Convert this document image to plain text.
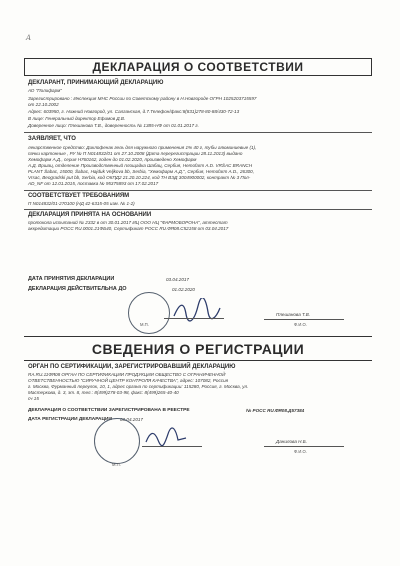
A
ДЕКЛАРАЦИЯ О СООТВЕТСТВИИ
ДЕКЛАРАНТ, ПРИНИМАЮЩИЙ ДЕКЛАРАЦИЮ
АО "Полифарм"
Зарегистрировано : Инспекция МНС России по Советскому району в Н.Новгороде ОГРН 1025203715597
от 22.10.2002
Адрес: 603950, г. Нижний Новгород, ул. Салганская, д.7.Телефон/факс:8(831)278-80-88/430-72-13
В лице: Генеральный директор Ефимов Д.В.
Доверенное лицо: Плешанова Т.В., доверенность № 1385-НФ от 01.01.2017 г.
ЗАЯВЛЯЕТ, ЧТО
лекарственное средство: Диклофенак гель для наружного применения 1% 40 г, тубы алюминиевые (1),
пачки картонные , РУ № П N014832/01 от 27.10.2008 (Дата перерегистрации 28.11.2013) выдано
Хемофарм А.Д., серия H760162, годен до 01.02.2020, произведено Хемофарм
А.Д. Вршац, отделение Производственный площадка Шабац, Сербия, Hemofarm A.D. VRŠAC BRANCH
PLANT Šabac, 15000, Šabac, Hajduk Veljkova bb, Serbia, "Хемофарм А.Д.", Сербия, Hemofarm A.D., 26300,
Vrsac, Beogradski put bb, Serbia, код ОКПД2 21.20.10.224, код ТН ВЭД 3004900002, контракт № 3 Пол-
AD_NF от 12.01.2015, поставка № 95375893 от 17.02.2017
СООТВЕТСТВУЕТ ТРЕБОВАНИЯМ
П N014832/01-270100 (НД 42-6315-05 изм. № 1-2)
ДЕКЛАРАЦИЯ ПРИНЯТА НА ОСНОВАНИИ
протокола испытаний № 2332 в от 30.01.2017 ИЦ ООО НЦ "ФАРМОБОРОНА", аттестат
аккредитации РОСС RU.0001.21ФБ40, Сертификат РОСС RU.ФЯ08.С52158 от 03.04.2017
ДАТА ПРИНЯТИЯ ДЕКЛАРАЦИИ	03.04.2017
ДЕКЛАРАЦИЯ ДЕЙСТВИТЕЛЬНА ДО	01.02.2020
М.П.
Плешанова Т.В.
Ф.И.О.
СВЕДЕНИЯ О РЕГИСТРАЦИИ
ОРГАН ПО СЕРТИФИКАЦИИ, ЗАРЕГИСТРИРОВАВШИЙ ДЕКЛАРАЦИЮ
RA.RU.11ФЯ08 ОРГАН ПО СЕРТИФИКАЦИИ ПРОДУКЦИИ ОБЩЕСТВО С ОГРАНИЧЕННОЙ
ОТВЕТСТВЕННОСТЬЮ "СИРУЧНОЙ ЦЕНТР КОНТРОЛЯ КАЧЕСТВА", адрес: 107082, Россия
г. Москва, Фурманный переулок, 10, 1, адрес органа по сертификации: 115280, Россия, г. Москва, ул.
Мастеркова, д. 3, эт. 8, тел.: 8(499)278-03-98, факс: 8(499)265-40-40
сч 15
ДЕКЛАРАЦИЯ О СООТВЕТСТВИИ ЗАРЕГИСТРИРОВАНА В РЕЕСТРЕ	№ РОСС RU.ФЯ08.Д57384
ДАТА РЕГИСТРАЦИИ ДЕКЛАРАЦИИ 03.04.2017
М.П.
Данилова Н.Б.
Ф.И.О.
